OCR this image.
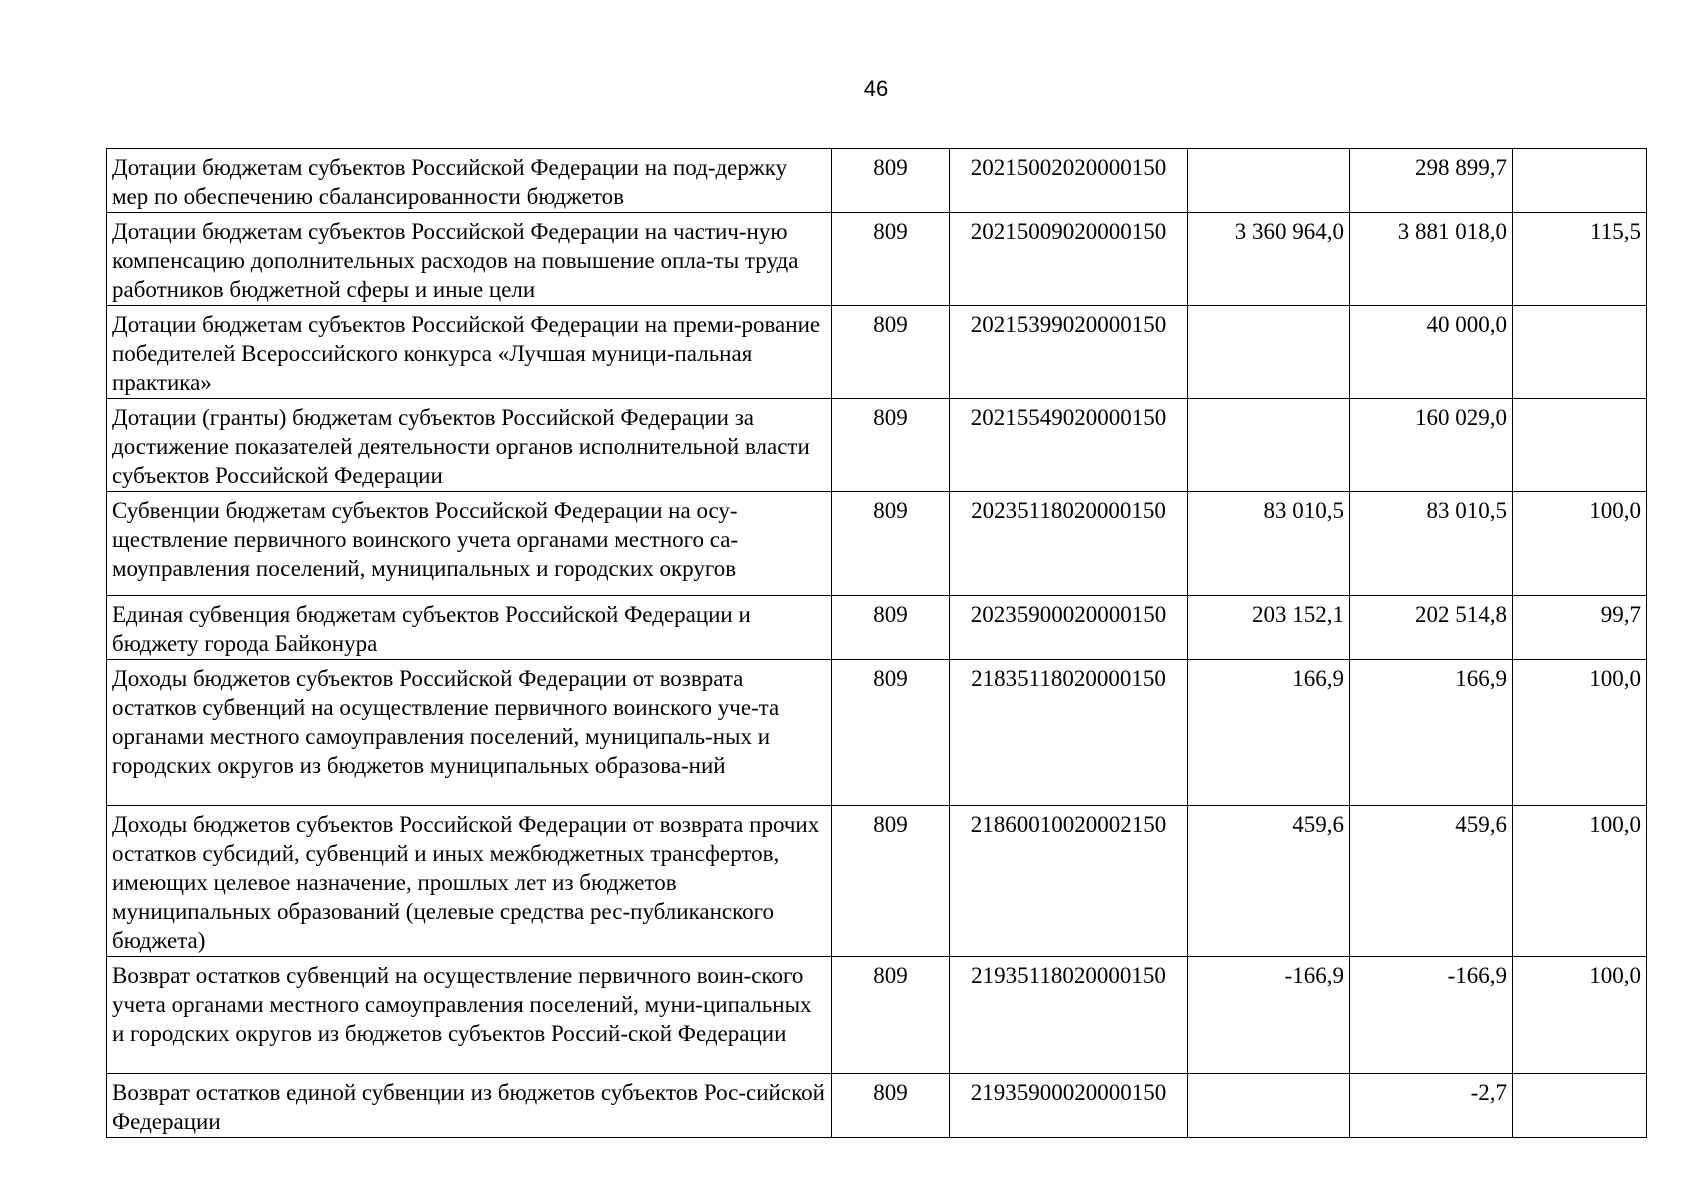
46
Дотации бюджетам субъектов Российской Федерации на под-держку мер по обеспечению сбалансированности бюджетов	809	20215002020000150		298 899,7	
Дотации бюджетам субъектов Российской Федерации на частич-ную компенсацию дополнительных расходов на повышение опла-ты труда работников бюджетной сферы и иные цели	809	20215009020000150	3 360 964,0	3 881 018,0	115,5
Дотации бюджетам субъектов Российской Федерации на преми-рование победителей Всероссийского конкурса «Лучшая муници-пальная практика»	809	20215399020000150		40 000,0	
Дотации (гранты) бюджетам субъектов Российской Федерации за достижение показателей деятельности органов исполнительной власти субъектов Российской Федерации	809	20215549020000150		160 029,0	
Субвенции бюджетам субъектов Российской Федерации на осу-ществление первичного воинского учета органами местного са-моуправления поселений, муниципальных и городских округов	809	20235118020000150	83 010,5	83 010,5	100,0
Единая субвенция бюджетам субъектов Российской Федерации и бюджету города Байконура	809	20235900020000150	203 152,1	202 514,8	99,7
Доходы бюджетов субъектов Российской Федерации от возврата остатков субвенций на осуществление первичного воинского уче-та органами местного самоуправления поселений, муниципаль-ных и городских округов из бюджетов муниципальных образова-ний	809	21835118020000150	166,9	166,9	100,0
Доходы бюджетов субъектов Российской Федерации от возврата прочих остатков субсидий, субвенций и иных межбюджетных трансфертов, имеющих целевое назначение, прошлых лет из бюджетов муниципальных образований (целевые средства рес-публиканского бюджета)	809	21860010020002150	459,6	459,6	100,0
Возврат остатков субвенций на осуществление первичного воин-ского учета органами местного самоуправления поселений, муни-ципальных и городских округов из бюджетов субъектов Россий-ской Федерации	809	21935118020000150	-166,9	-166,9	100,0
Возврат остатков единой субвенции из бюджетов субъектов Рос-сийской Федерации	809	21935900020000150		-2,7	
